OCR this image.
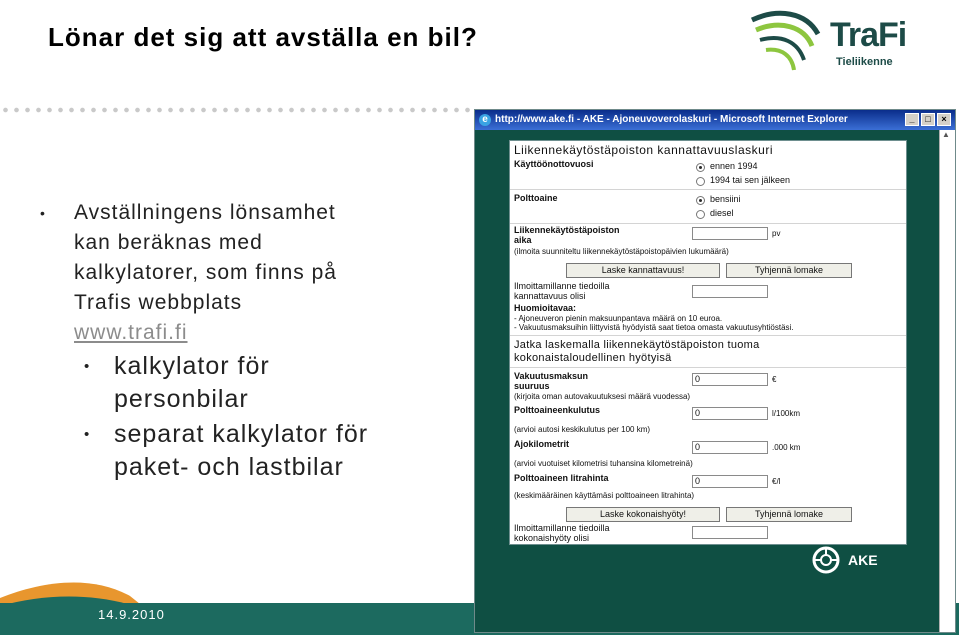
Lönar det sig att avställa en bil?	TraFi
Tieliikenne
• Avställningens lönsamhet
kan beräknas med
kalkylatorer, som finns på
Trafis webbplats
www.trafi.fi
• kalkylator för
personbilar
• separat kalkylator för
paket- och lastbilar
14.9.2010
e http://www.ake.fi - AKE - Ajoneuvoverolaskuri - Microsoft Internet Explorer	_	□	×
▲
Liikennekäytöstäpoiston kannattavuuslaskuri
Käyttöönottovuosi	ennen 1994
1994 tai sen jälkeen
Polttoaine	bensiini
diesel
Liikennekäytöstäpoiston
aika
pv
(ilmoita suunniteltu liikennekäytöstäpoistopäivien lukumäärä)
Laske kannattavuus!	Tyhjennä lomake
Ilmoittamillanne tiedoilla
kannattavuus olisi
Huomioitavaa:
- Ajoneuveron pienin maksuunpantava määrä on 10 euroa.
- Vakuutusmaksuihin liittyvistä hyödyistä saat tietoa omasta vakuutusyhtiöstäsi.
Jatka laskemalla liikennekäytöstäpoiston tuoma
kokonaistaloudellinen hyötyisä
Vakuutusmaksun
suuruus
0	€
(kirjoita oman autovakuutuksesi määrä vuodessa)
Polttoaineenkulutus	0	l/100km
(arvioi autosi keskikulutus per 100 km)
Ajokilometrit	0	.000 km
(arvioi vuotuiset kilometrisi tuhansina kilometreinä)
Polttoaineen litrahinta	0	€/l
(keskimääräinen käyttämäsi polttoaineen litrahinta)
Laske kokonaishyöty!	Tyhjennä lomake
Ilmoittamillanne tiedoilla
kokonaishyöty olisi
AKE
